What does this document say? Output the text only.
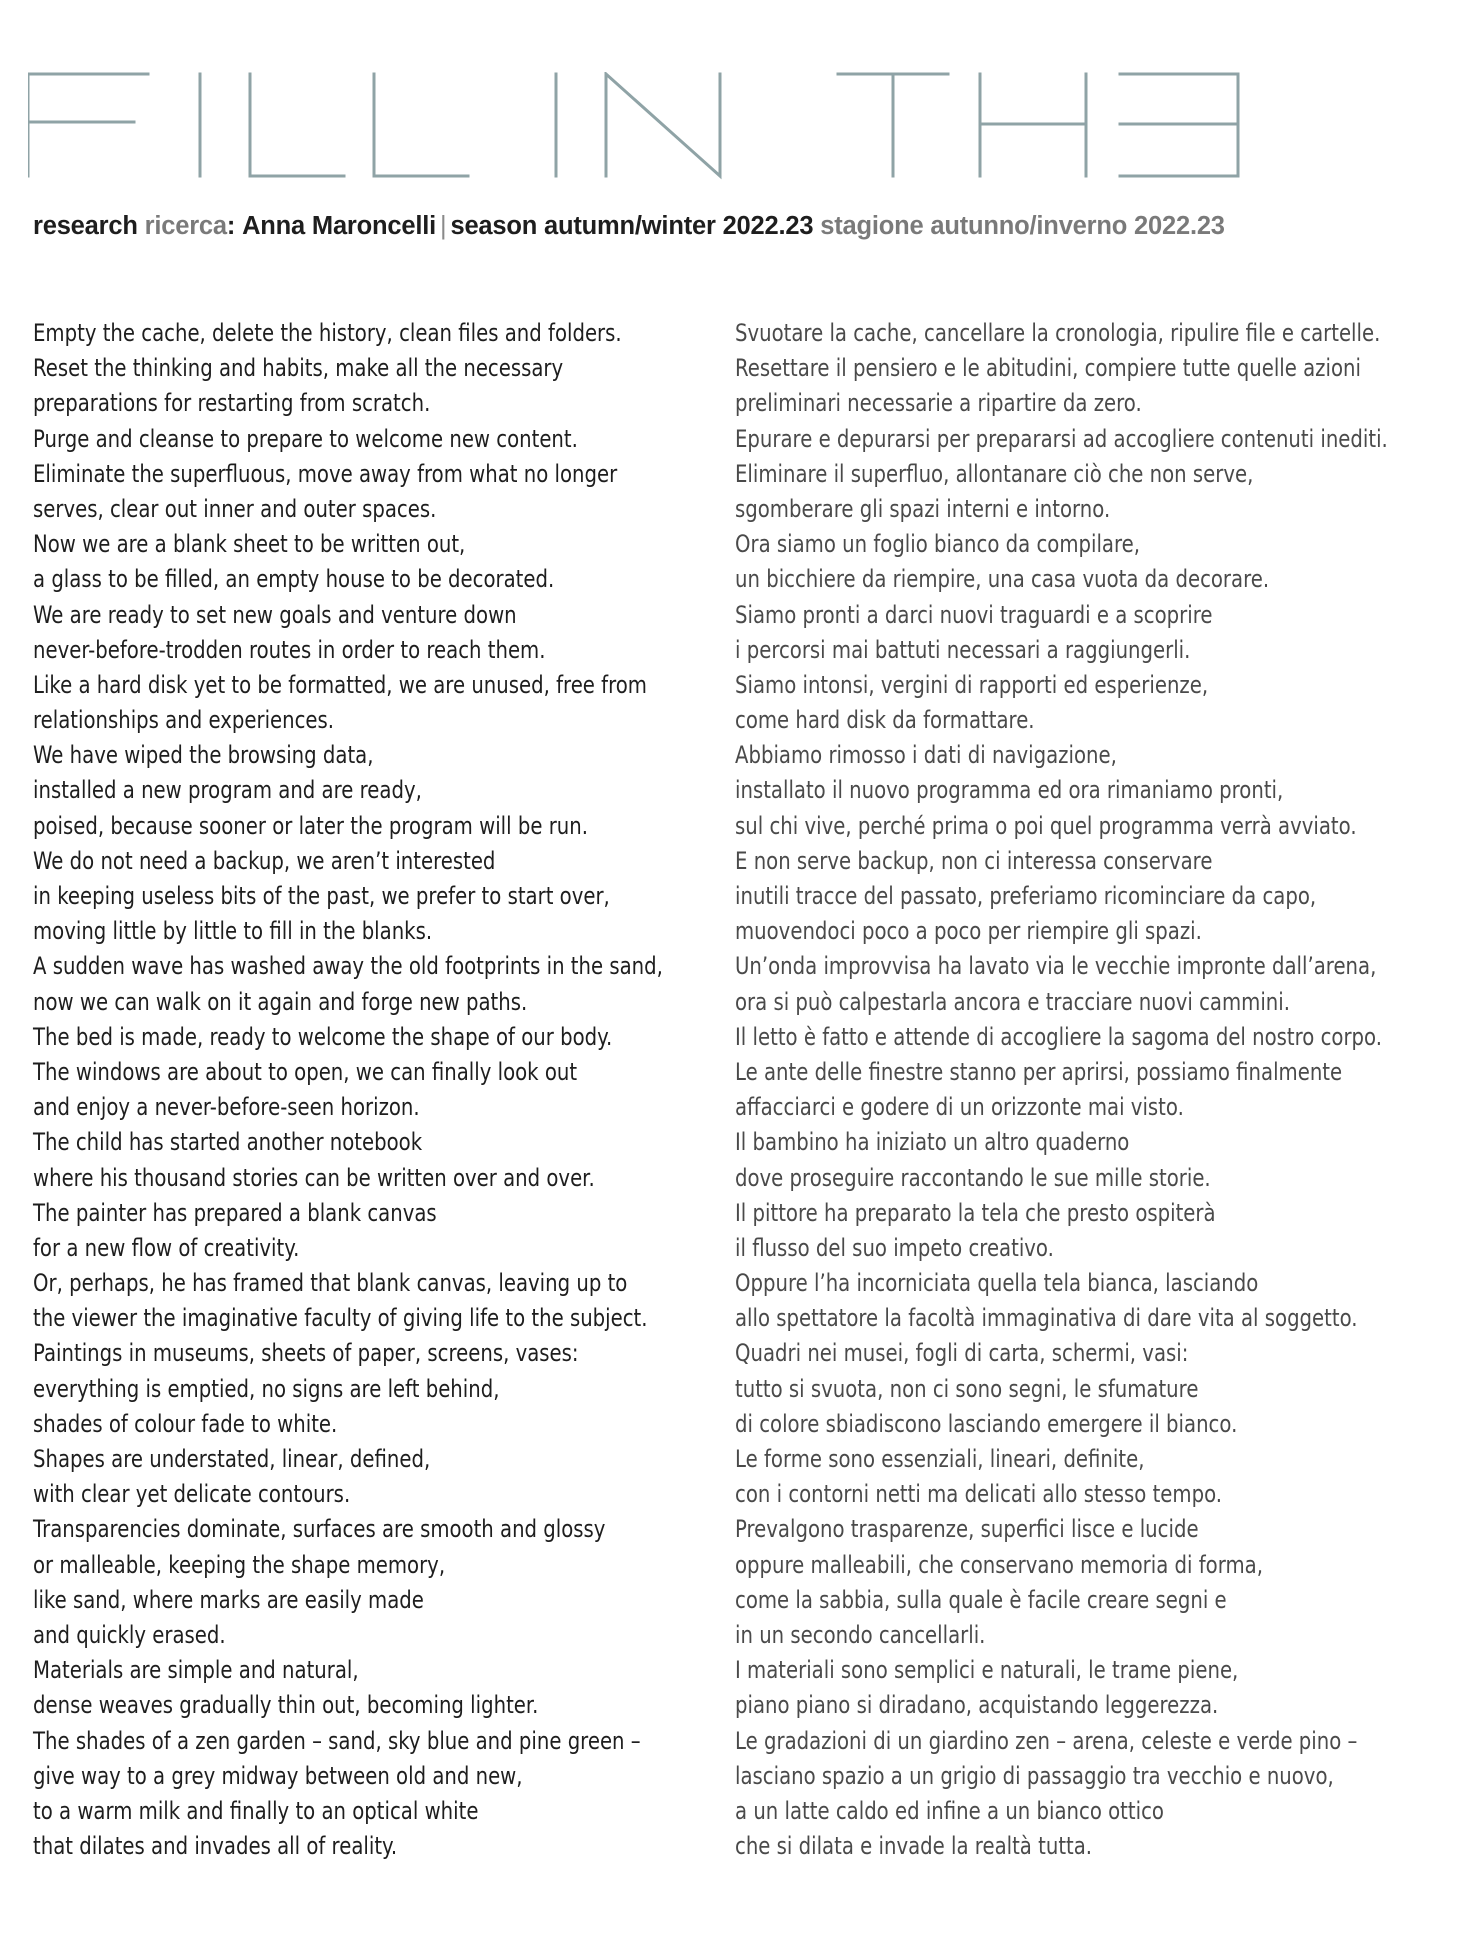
research ricerca: Anna Maroncelli | season autumn/winter 2022.23 stagione autunno/inverno 2022.23
Empty the cache, delete the history, clean files and folders.
Reset the thinking and habits, make all the necessary
preparations for restarting from scratch.
Purge and cleanse to prepare to welcome new content.
Eliminate the superfluous, move away from what no longer
serves, clear out inner and outer spaces.
Now we are a blank sheet to be written out,
a glass to be filled, an empty house to be decorated.
We are ready to set new goals and venture down
never-before-trodden routes in order to reach them.
Like a hard disk yet to be formatted, we are unused, free from
relationships and experiences.
We have wiped the browsing data,
installed a new program and are ready,
poised, because sooner or later the program will be run.
We do not need a backup, we aren’t interested
in keeping useless bits of the past, we prefer to start over,
moving little by little to fill in the blanks.
A sudden wave has washed away the old footprints in the sand,
now we can walk on it again and forge new paths.
The bed is made, ready to welcome the shape of our body.
The windows are about to open, we can finally look out
and enjoy a never-before-seen horizon.
The child has started another notebook
where his thousand stories can be written over and over.
The painter has prepared a blank canvas
for a new flow of creativity.
Or, perhaps, he has framed that blank canvas, leaving up to
the viewer the imaginative faculty of giving life to the subject.
Paintings in museums, sheets of paper, screens, vases:
everything is emptied, no signs are left behind,
shades of colour fade to white.
Shapes are understated, linear, defined,
with clear yet delicate contours.
Transparencies dominate, surfaces are smooth and glossy
or malleable, keeping the shape memory,
like sand, where marks are easily made
and quickly erased.
Materials are simple and natural,
dense weaves gradually thin out, becoming lighter.
The shades of a zen garden – sand, sky blue and pine green –
give way to a grey midway between old and new,
to a warm milk and finally to an optical white
that dilates and invades all of reality.
Svuotare la cache, cancellare la cronologia, ripulire file e cartelle.
Resettare il pensiero e le abitudini, compiere tutte quelle azioni
preliminari necessarie a ripartire da zero.
Epurare e depurarsi per prepararsi ad accogliere contenuti inediti.
Eliminare il superfluo, allontanare ciò che non serve,
sgomberare gli spazi interni e intorno.
Ora siamo un foglio bianco da compilare,
un bicchiere da riempire, una casa vuota da decorare.
Siamo pronti a darci nuovi traguardi e a scoprire
i percorsi mai battuti necessari a raggiungerli.
Siamo intonsi, vergini di rapporti ed esperienze,
come hard disk da formattare.
Abbiamo rimosso i dati di navigazione,
installato il nuovo programma ed ora rimaniamo pronti,
sul chi vive, perché prima o poi quel programma verrà avviato.
E non serve backup, non ci interessa conservare
inutili tracce del passato, preferiamo ricominciare da capo,
muovendoci poco a poco per riempire gli spazi.
Un’onda improvvisa ha lavato via le vecchie impronte dall’arena,
ora si può calpestarla ancora e tracciare nuovi cammini.
Il letto è fatto e attende di accogliere la sagoma del nostro corpo.
Le ante delle finestre stanno per aprirsi, possiamo finalmente
affacciarci e godere di un orizzonte mai visto.
Il bambino ha iniziato un altro quaderno
dove proseguire raccontando le sue mille storie.
Il pittore ha preparato la tela che presto ospiterà
il flusso del suo impeto creativo.
Oppure l’ha incorniciata quella tela bianca, lasciando
allo spettatore la facoltà immaginativa di dare vita al soggetto.
Quadri nei musei, fogli di carta, schermi, vasi:
tutto si svuota, non ci sono segni, le sfumature
di colore sbiadiscono lasciando emergere il bianco.
Le forme sono essenziali, lineari, definite,
con i contorni netti ma delicati allo stesso tempo.
Prevalgono trasparenze, superfici lisce e lucide
oppure malleabili, che conservano memoria di forma,
come la sabbia, sulla quale è facile creare segni e
in un secondo cancellarli.
I materiali sono semplici e naturali, le trame piene,
piano piano si diradano, acquistando leggerezza.
Le gradazioni di un giardino zen – arena, celeste e verde pino –
lasciano spazio a un grigio di passaggio tra vecchio e nuovo,
a un latte caldo ed infine a un bianco ottico
che si dilata e invade la realtà tutta.
